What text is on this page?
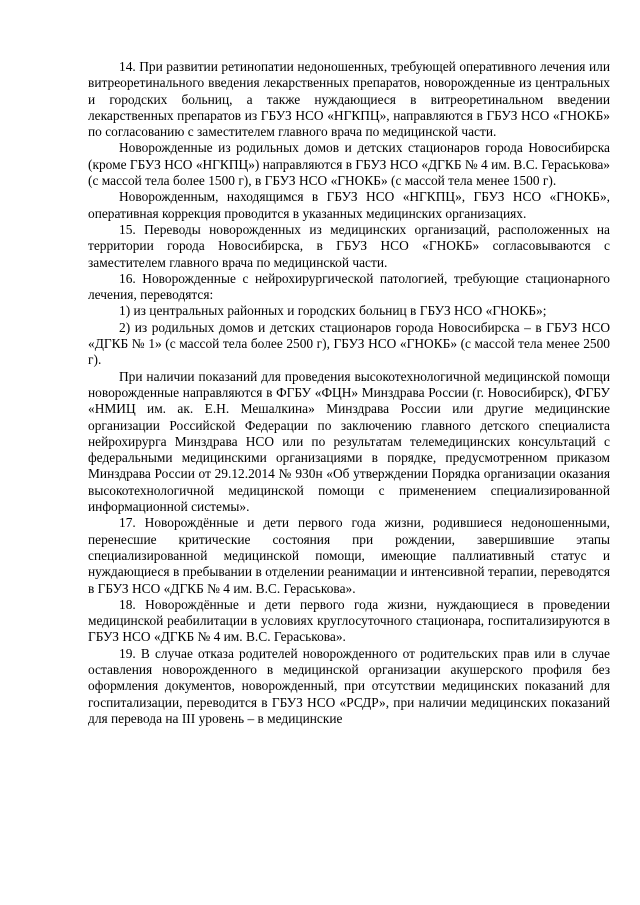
14. При развитии ретинопатии недоношенных, требующей оперативного лечения или витреоретинального введения лекарственных препаратов, новорожденные из центральных и городских больниц, а также нуждающиеся в витреоретинальном введении лекарственных препаратов из ГБУЗ НСО «НГКПЦ», направляются в ГБУЗ НСО «ГНОКБ» по согласованию с заместителем главного врача по медицинской части.

Новорожденные из родильных домов и детских стационаров города Новосибирска (кроме ГБУЗ НСО «НГКПЦ») направляются в ГБУЗ НСО «ДГКБ № 4 им. В.С. Гераськова» (с массой тела более 1500 г), в ГБУЗ НСО «ГНОКБ» (с массой тела менее 1500 г).

Новорожденным, находящимся в ГБУЗ НСО «НГКПЦ», ГБУЗ НСО «ГНОКБ», оперативная коррекция проводится в указанных медицинских организациях.

15. Переводы новорожденных из медицинских организаций, расположенных на территории города Новосибирска, в ГБУЗ НСО «ГНОКБ» согласовываются с заместителем главного врача по медицинской части.

16. Новорожденные с нейрохирургической патологией, требующие стационарного лечения, переводятся:

1) из центральных районных и городских больниц в ГБУЗ НСО «ГНОКБ»;

2) из родильных домов и детских стационаров города Новосибирска – в ГБУЗ НСО «ДГКБ № 1» (с массой тела более 2500 г), ГБУЗ НСО «ГНОКБ» (с массой тела менее 2500 г).

При наличии показаний для проведения высокотехнологичной медицинской помощи новорожденные направляются в ФГБУ «ФЦН» Минздрава России (г. Новосибирск), ФГБУ «НМИЦ им. ак. Е.Н. Мешалкина» Минздрава России или другие медицинские организации Российской Федерации по заключению главного детского специалиста нейрохирурга Минздрава НСО или по результатам телемедицинских консультаций с федеральными медицинскими организациями в порядке, предусмотренном приказом Минздрава России от 29.12.2014 № 930н «Об утверждении Порядка организации оказания высокотехнологичной медицинской помощи с применением специализированной информационной системы».

17. Новорождённые и дети первого года жизни, родившиеся недоношенными, перенесшие критические состояния при рождении, завершившие этапы специализированной медицинской помощи, имеющие паллиативный статус и нуждающиеся в пребывании в отделении реанимации и интенсивной терапии, переводятся в ГБУЗ НСО «ДГКБ № 4 им. В.С. Гераськова».

18. Новорождённые и дети первого года жизни, нуждающиеся в проведении медицинской реабилитации в условиях круглосуточного стационара, госпитализируются в ГБУЗ НСО «ДГКБ № 4 им. В.С. Гераськова».

19. В случае отказа родителей новорожденного от родительских прав или в случае оставления новорожденного в медицинской организации акушерского профиля без оформления документов, новорожденный, при отсутствии медицинских показаний для госпитализации, переводится в ГБУЗ НСО «РСДР», при наличии медицинских показаний для перевода на III уровень – в медицинские
